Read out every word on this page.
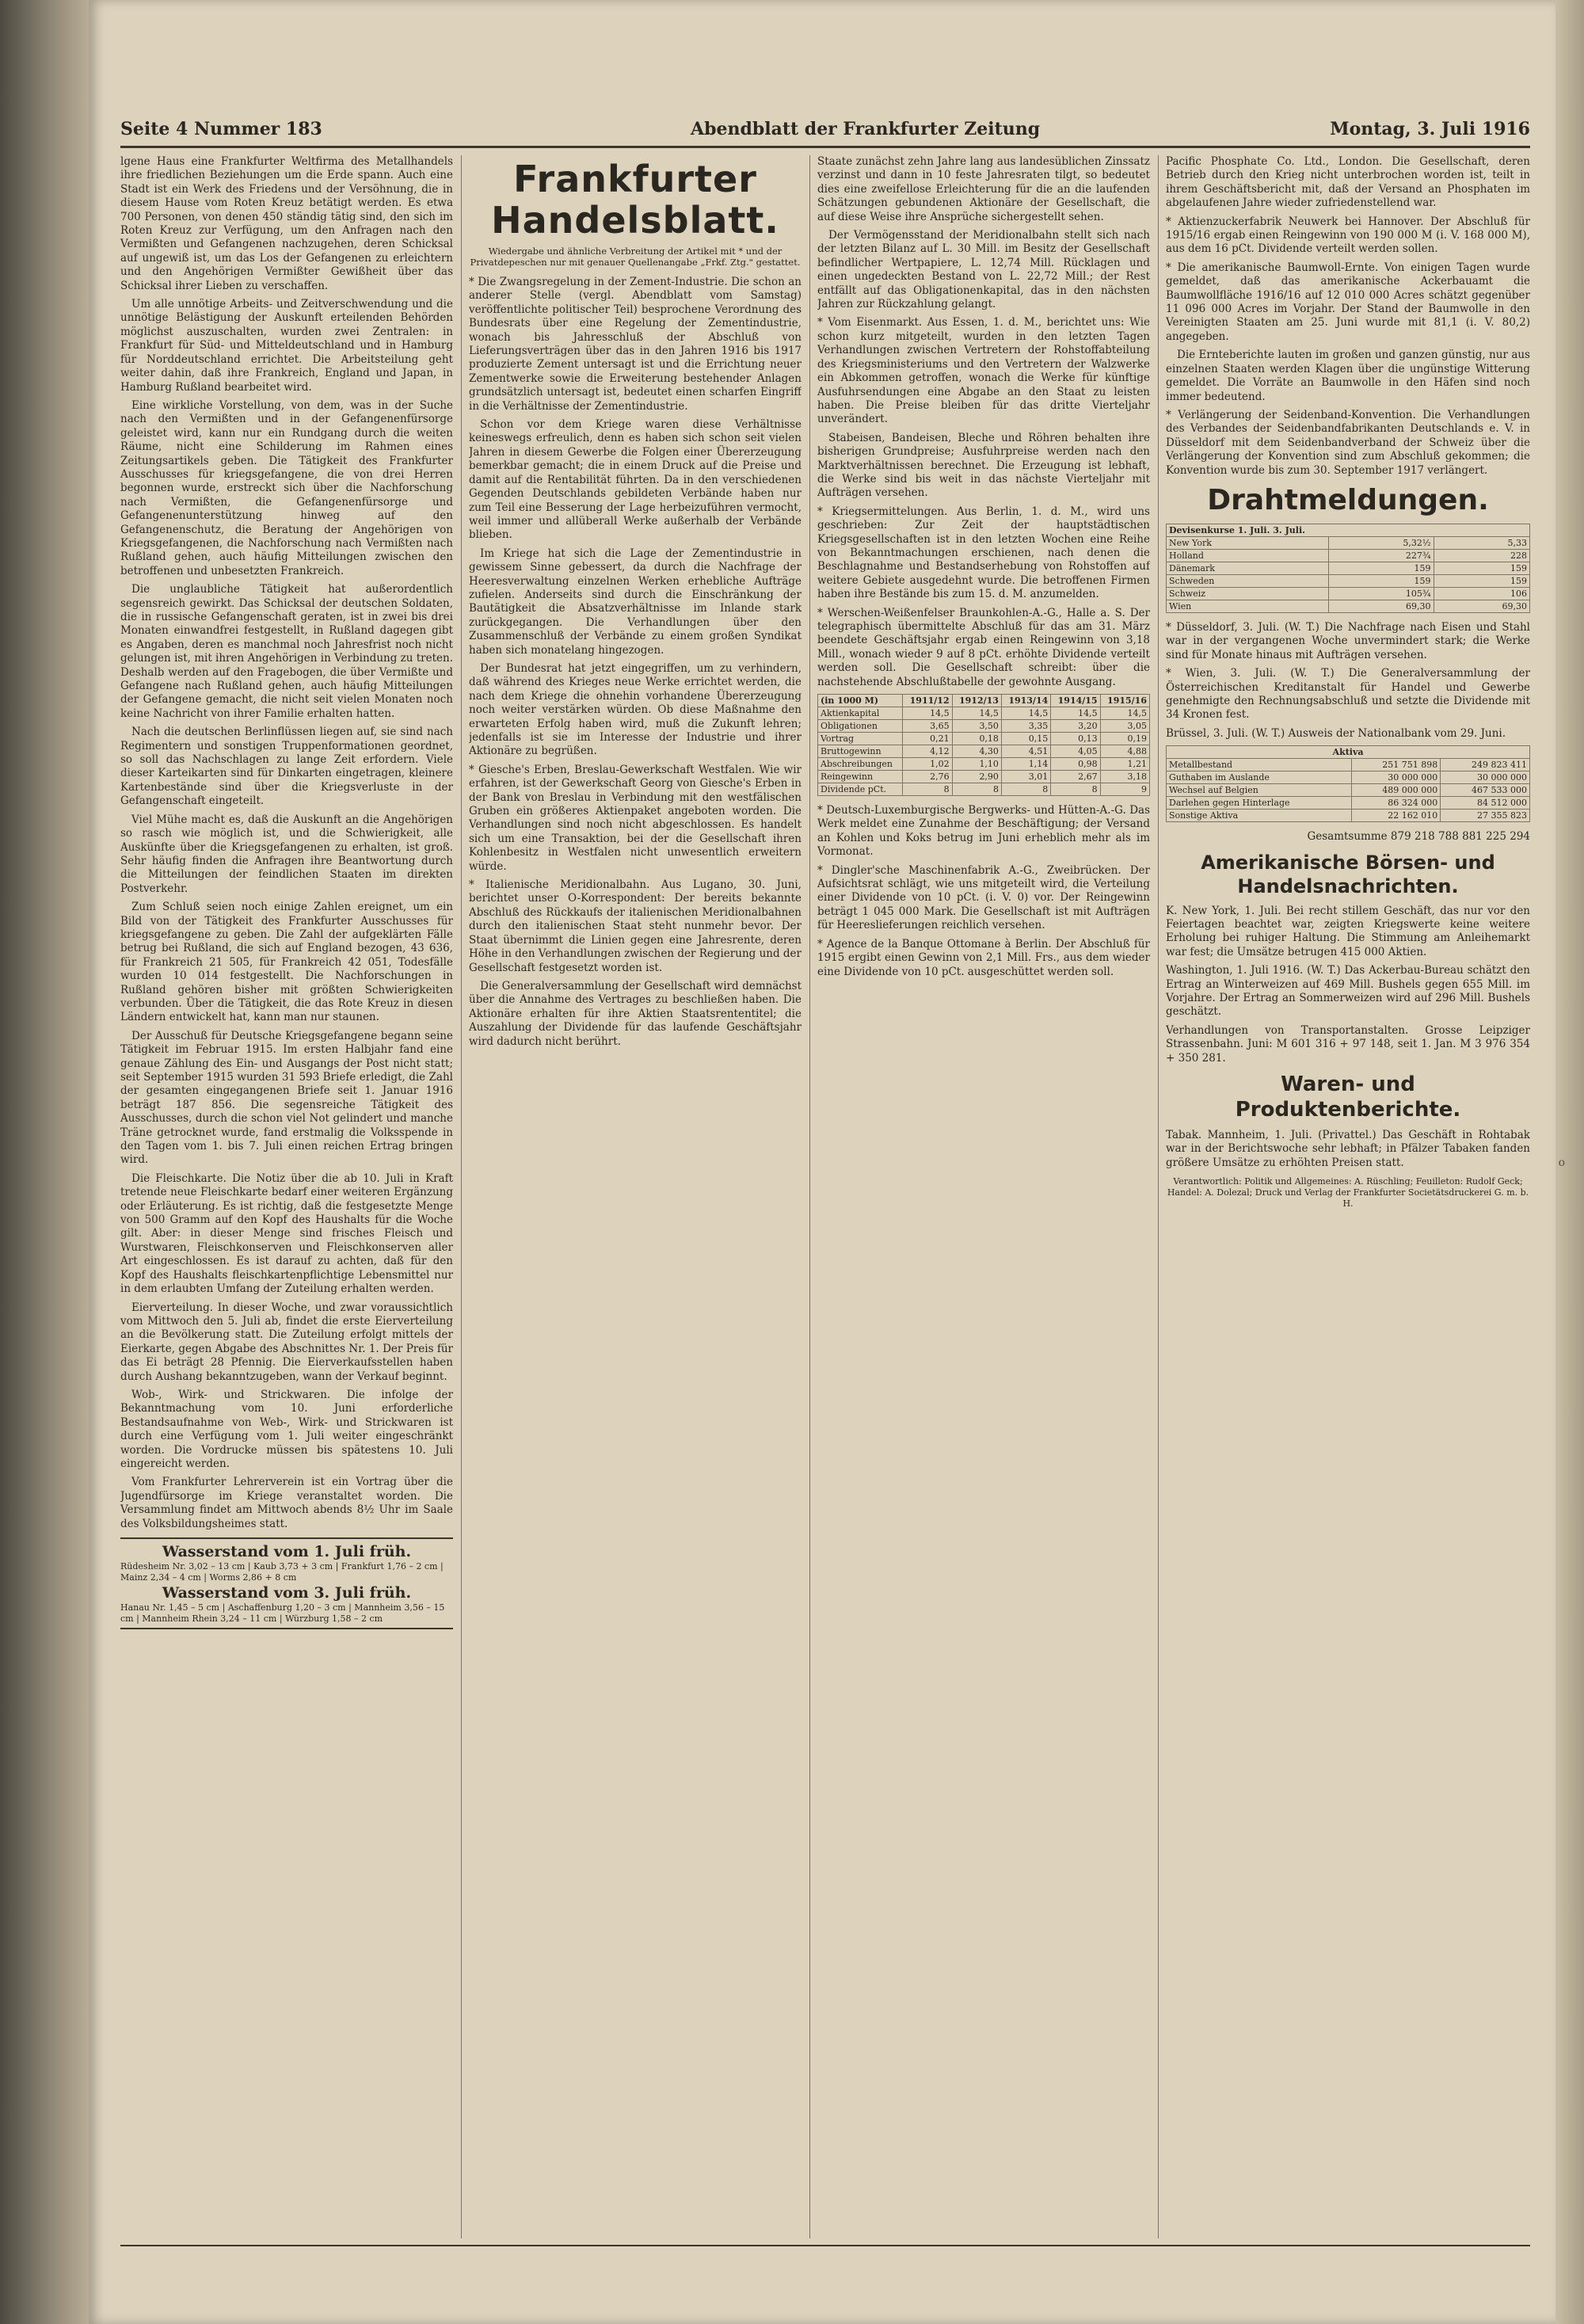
o
Seite 4 Nummer 183	Abendblatt der Frankfurter Zeitung	Montag, 3. Juli 1916

lgene Haus eine Frankfurter Weltfirma des Metallhandels ihre friedlichen Beziehungen um die Erde spann. Auch eine Stadt ist ein Werk des Friedens und der Versöhnung, die in diesem Hause vom Roten Kreuz betätigt werden. Es etwa 700 Personen, von denen 450 ständig tätig sind, den sich im Roten Kreuz zur Verfügung, um den Anfragen nach den Vermißten und Gefangenen nachzugehen, deren Schicksal auf ungewiß ist, um das Los der Gefangenen zu erleichtern und den Angehörigen Vermißter Gewißheit über das Schicksal ihrer Lieben zu verschaffen.

Um alle unnötige Arbeits- und Zeitverschwendung und die unnötige Belästigung der Auskunft erteilenden Behörden möglichst auszuschalten, wurden zwei Zentralen: in Frankfurt für Süd- und Mitteldeutschland und in Hamburg für Norddeutschland errichtet. Die Arbeitsteilung geht weiter dahin, daß ihre Frankreich, England und Japan, in Hamburg Rußland bearbeitet wird.

Eine wirkliche Vorstellung, von dem, was in der Suche nach den Vermißten und in der Gefangenenfürsorge geleistet wird, kann nur ein Rundgang durch die weiten Räume, nicht eine Schilderung im Rahmen eines Zeitungsartikels geben. Die Tätigkeit des Frankfurter Ausschusses für kriegsgefangene, die von drei Herren begonnen wurde, erstreckt sich über die Nachforschung nach Vermißten, die Gefangenenfürsorge und Gefangenenunterstützung hinweg auf den Gefangenenschutz, die Beratung der Angehörigen von Kriegsgefangenen, die Nachforschung nach Vermißten nach Rußland gehen, auch häufig Mitteilungen zwischen den betroffenen und unbesetzten Frankreich.

Die unglaubliche Tätigkeit hat außerordentlich segensreich gewirkt. Das Schicksal der deutschen Soldaten, die in russische Gefangenschaft geraten, ist in zwei bis drei Monaten einwandfrei festgestellt, in Rußland dagegen gibt es Angaben, deren es manchmal noch Jahresfrist noch nicht gelungen ist, mit ihren Angehörigen in Verbindung zu treten. Deshalb werden auf den Fragebogen, die über Vermißte und Gefangene nach Rußland gehen, auch häufig Mitteilungen der Gefangene gemacht, die nicht seit vielen Monaten noch keine Nachricht von ihrer Familie erhalten hatten.

Nach die deutschen Berlinflüssen liegen auf, sie sind nach Regimentern und sonstigen Truppenformationen geordnet, so soll das Nachschlagen zu lange Zeit erfordern. Viele dieser Karteikarten sind für Dinkarten eingetragen, kleinere Kartenbestände sind über die Kriegsverluste in der Gefangenschaft eingeteilt.

Viel Mühe macht es, daß die Auskunft an die Angehörigen so rasch wie möglich ist, und die Schwierigkeit, alle Auskünfte über die Kriegsgefangenen zu erhalten, ist groß. Sehr häufig finden die Anfragen ihre Beantwortung durch die Mitteilungen der feindlichen Staaten im direkten Postverkehr.

Zum Schluß seien noch einige Zahlen ereignet, um ein Bild von der Tätigkeit des Frankfurter Ausschusses für kriegsgefangene zu geben. Die Zahl der aufgeklärten Fälle betrug bei Rußland, die sich auf England bezogen, 43 636, für Frankreich 21 505, für Frankreich 42 051, Todesfälle wurden 10 014 festgestellt. Die Nachforschungen in Rußland gehören bisher mit größten Schwierigkeiten verbunden. Über die Tätigkeit, die das Rote Kreuz in diesen Ländern entwickelt hat, kann man nur staunen.

Der Ausschuß für Deutsche Kriegsgefangene begann seine Tätigkeit im Februar 1915. Im ersten Halbjahr fand eine genaue Zählung des Ein- und Ausgangs der Post nicht statt; seit September 1915 wurden 31 593 Briefe erledigt, die Zahl der gesamten eingegangenen Briefe seit 1. Januar 1916 beträgt 187 856. Die segensreiche Tätigkeit des Ausschusses, durch die schon viel Not gelindert und manche Träne getrocknet wurde, fand erstmalig die Volksspende in den Tagen vom 1. bis 7. Juli einen reichen Ertrag bringen wird.

Die Fleischkarte. Die Notiz über die ab 10. Juli in Kraft tretende neue Fleischkarte bedarf einer weiteren Ergänzung oder Erläuterung. Es ist richtig, daß die festgesetzte Menge von 500 Gramm auf den Kopf des Haushalts für die Woche gilt. Aber: in dieser Menge sind frisches Fleisch und Wurstwaren, Fleischkonserven und Fleischkonserven aller Art eingeschlossen. Es ist darauf zu achten, daß für den Kopf des Haushalts fleischkartenpflichtige Lebensmittel nur in dem erlaubten Umfang der Zuteilung erhalten werden.

Eierverteilung. In dieser Woche, und zwar voraussichtlich vom Mittwoch den 5. Juli ab, findet die erste Eierverteilung an die Bevölkerung statt. Die Zuteilung erfolgt mittels der Eierkarte, gegen Abgabe des Abschnittes Nr. 1. Der Preis für das Ei beträgt 28 Pfennig. Die Eierverkaufsstellen haben durch Aushang bekanntzugeben, wann der Verkauf beginnt.

Wob-, Wirk- und Strickwaren. Die infolge der Bekanntmachung vom 10. Juni erforderliche Bestandsaufnahme von Web-, Wirk- und Strickwaren ist durch eine Verfügung vom 1. Juli weiter eingeschränkt worden. Die Vordrucke müssen bis spätestens 10. Juli eingereicht werden.

Vom Frankfurter Lehrerverein ist ein Vortrag über die Jugendfürsorge im Kriege veranstaltet worden. Die Versammlung findet am Mittwoch abends 8½ Uhr im Saale des Volksbildungsheimes statt.

Wasserstand vom 1. Juli früh.
Rüdesheim Nr. 3,02 – 13 cm | Kaub 3,73 + 3 cm | Frankfurt 1,76 – 2 cm | Mainz 2,34 – 4 cm | Worms 2,86 + 8 cm
Wasserstand vom 3. Juli früh.
Hanau Nr. 1,45 – 5 cm | Aschaffenburg 1,20 – 3 cm | Mannheim 3,56 – 15 cm | Mannheim Rhein 3,24 – 11 cm | Würzburg 1,58 – 2 cm
Frankfurter Handelsblatt.
Wiedergabe und ähnliche Verbreitung der Artikel mit * und der Privatdepeschen nur mit genauer Quellenangabe „Frkf. Ztg." gestattet.

* Die Zwangsregelung in der Zement-Industrie. Die schon an anderer Stelle (vergl. Abendblatt vom Samstag) veröffentlichte politischer Teil) besprochene Verordnung des Bundesrats über eine Regelung der Zementindustrie, wonach bis Jahresschluß der Abschluß von Lieferungsverträgen über das in den Jahren 1916 bis 1917 produzierte Zement untersagt ist und die Errichtung neuer Zementwerke sowie die Erweiterung bestehender Anlagen grundsätzlich untersagt ist, bedeutet einen scharfen Eingriff in die Verhältnisse der Zementindustrie.

Schon vor dem Kriege waren diese Verhältnisse keineswegs erfreulich, denn es haben sich schon seit vielen Jahren in diesem Gewerbe die Folgen einer Übererzeugung bemerkbar gemacht; die in einem Druck auf die Preise und damit auf die Rentabilität führten. Da in den verschiedenen Gegenden Deutschlands gebildeten Verbände haben nur zum Teil eine Besserung der Lage herbeizuführen vermocht, weil immer und allüberall Werke außerhalb der Verbände blieben.

Im Kriege hat sich die Lage der Zementindustrie in gewissem Sinne gebessert, da durch die Nachfrage der Heeresverwaltung einzelnen Werken erhebliche Aufträge zufielen. Anderseits sind durch die Einschränkung der Bautätigkeit die Absatzverhältnisse im Inlande stark zurückgegangen. Die Verhandlungen über den Zusammenschluß der Verbände zu einem großen Syndikat haben sich monatelang hingezogen.

Der Bundesrat hat jetzt eingegriffen, um zu verhindern, daß während des Krieges neue Werke errichtet werden, die nach dem Kriege die ohnehin vorhandene Übererzeugung noch weiter verstärken würden. Ob diese Maßnahme den erwarteten Erfolg haben wird, muß die Zukunft lehren; jedenfalls ist sie im Interesse der Industrie und ihrer Aktionäre zu begrüßen.

* Giesche's Erben, Breslau-Gewerkschaft Westfalen. Wie wir erfahren, ist der Gewerkschaft Georg von Giesche's Erben in der Bank von Breslau in Verbindung mit den westfälischen Gruben ein größeres Aktienpaket angeboten worden. Die Verhandlungen sind noch nicht abgeschlossen. Es handelt sich um eine Transaktion, bei der die Gesellschaft ihren Kohlenbesitz in Westfalen nicht unwesentlich erweitern würde.

* Italienische Meridionalbahn. Aus Lugano, 30. Juni, berichtet unser O-Korrespondent: Der bereits bekannte Abschluß des Rückkaufs der italienischen Meridionalbahnen durch den italienischen Staat steht nunmehr bevor. Der Staat übernimmt die Linien gegen eine Jahresrente, deren Höhe in den Verhandlungen zwischen der Regierung und der Gesellschaft festgesetzt worden ist.

Die Generalversammlung der Gesellschaft wird demnächst über die Annahme des Vertrages zu beschließen haben. Die Aktionäre erhalten für ihre Aktien Staatsrententitel; die Auszahlung der Dividende für das laufende Geschäftsjahr wird dadurch nicht berührt.

Staate zunächst zehn Jahre lang aus landesüblichen Zinssatz verzinst und dann in 10 feste Jahresraten tilgt, so bedeutet dies eine zweifellose Erleichterung für die an die laufenden Schätzungen gebundenen Aktionäre der Gesellschaft, die auf diese Weise ihre Ansprüche sichergestellt sehen.

Der Vermögensstand der Meridionalbahn stellt sich nach der letzten Bilanz auf L. 30 Mill. im Besitz der Gesellschaft befindlicher Wertpapiere, L. 12,74 Mill. Rücklagen und einen ungedeckten Bestand von L. 22,72 Mill.; der Rest entfällt auf das Obligationenkapital, das in den nächsten Jahren zur Rückzahlung gelangt.

* Vom Eisenmarkt. Aus Essen, 1. d. M., berichtet uns: Wie schon kurz mitgeteilt, wurden in den letzten Tagen Verhandlungen zwischen Vertretern der Rohstoffabteilung des Kriegsministeriums und den Vertretern der Walzwerke ein Abkommen getroffen, wonach die Werke für künftige Ausfuhrsendungen eine Abgabe an den Staat zu leisten haben. Die Preise bleiben für das dritte Vierteljahr unverändert.

Stabeisen, Bandeisen, Bleche und Röhren behalten ihre bisherigen Grundpreise; Ausfuhrpreise werden nach den Marktverhältnissen berechnet. Die Erzeugung ist lebhaft, die Werke sind bis weit in das nächste Vierteljahr mit Aufträgen versehen.

* Kriegsermittelungen. Aus Berlin, 1. d. M., wird uns geschrieben: Zur Zeit der hauptstädtischen Kriegsgesellschaften ist in den letzten Wochen eine Reihe von Bekanntmachungen erschienen, nach denen die Beschlagnahme und Bestandserhebung von Rohstoffen auf weitere Gebiete ausgedehnt wurde. Die betroffenen Firmen haben ihre Bestände bis zum 15. d. M. anzumelden.

* Werschen-Weißenfelser Braunkohlen-A.-G., Halle a. S. Der telegraphisch übermittelte Abschluß für das am 31. März beendete Geschäftsjahr ergab einen Reingewinn von 3,18 Mill., wonach wieder 9 auf 8 pCt. erhöhte Dividende verteilt werden soll. Die Gesellschaft schreibt: über die nachstehende Abschlußtabelle der gewohnte Ausgang.

(in 1000 M)	1911/12	1912/13	1913/14	1914/15	1915/16
Aktienkapital	14,5	14,5	14,5	14,5	14,5
Obligationen	3,65	3,50	3,35	3,20	3,05
Vortrag	0,21	0,18	0,15	0,13	0,19
Bruttogewinn	4,12	4,30	4,51	4,05	4,88
Abschreibungen	1,02	1,10	1,14	0,98	1,21
Reingewinn	2,76	2,90	3,01	2,67	3,18
Dividende pCt.	8	8	8	8	9

* Deutsch-Luxemburgische Bergwerks- und Hütten-A.-G. Das Werk meldet eine Zunahme der Beschäftigung; der Versand an Kohlen und Koks betrug im Juni erheblich mehr als im Vormonat.

* Dingler'sche Maschinenfabrik A.-G., Zweibrücken. Der Aufsichtsrat schlägt, wie uns mitgeteilt wird, die Verteilung einer Dividende von 10 pCt. (i. V. 0) vor. Der Reingewinn beträgt 1 045 000 Mark. Die Gesellschaft ist mit Aufträgen für Heereslieferungen reichlich versehen.

* Agence de la Banque Ottomane à Berlin. Der Abschluß für 1915 ergibt einen Gewinn von 2,1 Mill. Frs., aus dem wieder eine Dividende von 10 pCt. ausgeschüttet werden soll.

Pacific Phosphate Co. Ltd., London. Die Gesellschaft, deren Betrieb durch den Krieg nicht unterbrochen worden ist, teilt in ihrem Geschäftsbericht mit, daß der Versand an Phosphaten im abgelaufenen Jahre wieder zufriedenstellend war.

* Aktienzuckerfabrik Neuwerk bei Hannover. Der Abschluß für 1915/16 ergab einen Reingewinn von 190 000 M (i. V. 168 000 M), aus dem 16 pCt. Dividende verteilt werden sollen.

* Die amerikanische Baumwoll-Ernte. Von einigen Tagen wurde gemeldet, daß das amerikanische Ackerbauamt die Baumwollfläche 1916/16 auf 12 010 000 Acres schätzt gegenüber 11 096 000 Acres im Vorjahr. Der Stand der Baumwolle in den Vereinigten Staaten am 25. Juni wurde mit 81,1 (i. V. 80,2) angegeben.

Die Ernteberichte lauten im großen und ganzen günstig, nur aus einzelnen Staaten werden Klagen über die ungünstige Witterung gemeldet. Die Vorräte an Baumwolle in den Häfen sind noch immer bedeutend.

* Verlängerung der Seidenband-Konvention. Die Verhandlungen des Verbandes der Seidenbandfabrikanten Deutschlands e. V. in Düsseldorf mit dem Seidenbandverband der Schweiz über die Verlängerung der Konvention sind zum Abschluß gekommen; die Konvention wurde bis zum 30. September 1917 verlängert.

Drahtmeldungen.
Devisenkurse 1. Juli. 3. Juli.		
New York	5,32½	5,33
Holland	227¾	228
Dänemark	159	159
Schweden	159	159
Schweiz	105¾	106
Wien	69,30	69,30

* Düsseldorf, 3. Juli. (W. T.) Die Nachfrage nach Eisen und Stahl war in der vergangenen Woche unvermindert stark; die Werke sind für Monate hinaus mit Aufträgen versehen.

* Wien, 3. Juli. (W. T.) Die Generalversammlung der Österreichischen Kreditanstalt für Handel und Gewerbe genehmigte den Rechnungsabschluß und setzte die Dividende mit 34 Kronen fest.

Brüssel, 3. Juli. (W. T.) Ausweis der Nationalbank vom 29. Juni.

Aktiva		
Metallbestand	251 751 898	249 823 411
Guthaben im Auslande	30 000 000	30 000 000
Wechsel auf Belgien	489 000 000	467 533 000
Darlehen gegen Hinterlage	86 324 000	84 512 000
Sonstige Aktiva	22 162 010	27 355 823

Gesamtsumme 879 218 788 881 225 294

Amerikanische Börsen- und Handelsnachrichten.

K. New York, 1. Juli. Bei recht stillem Geschäft, das nur vor den Feiertagen beachtet war, zeigten Kriegswerte keine weitere Erholung bei ruhiger Haltung. Die Stimmung am Anleihemarkt war fest; die Umsätze betrugen 415 000 Aktien.

Washington, 1. Juli 1916. (W. T.) Das Ackerbau-Bureau schätzt den Ertrag an Winterweizen auf 469 Mill. Bushels gegen 655 Mill. im Vorjahre. Der Ertrag an Sommerweizen wird auf 296 Mill. Bushels geschätzt.

Verhandlungen von Transportanstalten. Grosse Leipziger Strassenbahn. Juni: M 601 316 + 97 148, seit 1. Jan. M 3 976 354 + 350 281.

Waren- und Produktenberichte.

Tabak. Mannheim, 1. Juli. (Privattel.) Das Geschäft in Rohtabak war in der Berichtswoche sehr lebhaft; in Pfälzer Tabaken fanden größere Umsätze zu erhöhten Preisen statt.

Verantwortlich: Politik und Allgemeines: A. Rüschling; Feuilleton: Rudolf Geck; Handel: A. Dolezal; Druck und Verlag der Frankfurter Societätsdruckerei G. m. b. H.
